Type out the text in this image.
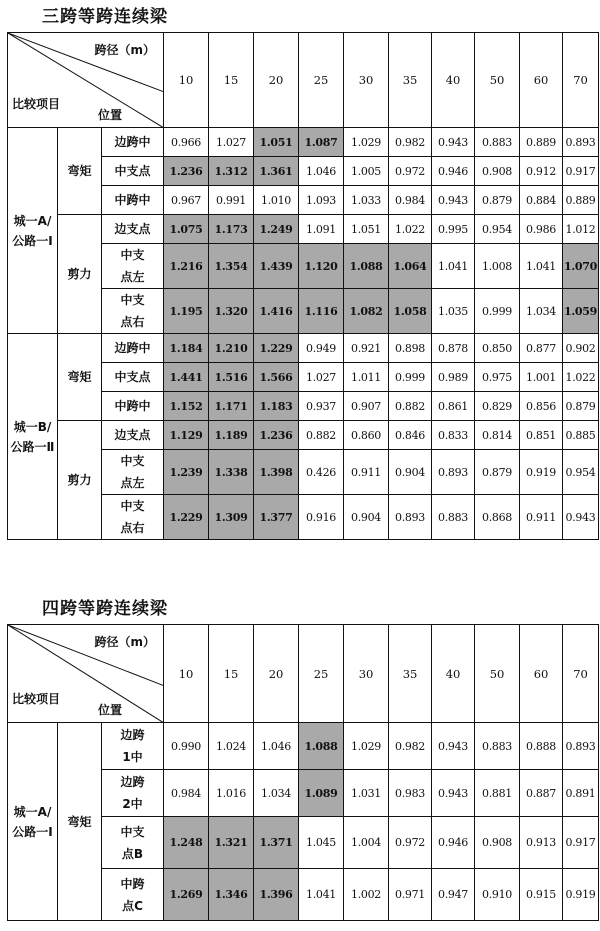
三跨等跨连续梁
跨径（m）
位置
比较项目			10	15	20	25	30	35	40	50	60	70
城一A/
公路一Ⅰ	弯矩	边跨中	0.966	1.027	1.051	1.087	1.029	0.982	0.943	0.883	0.889	0.893
		中支点	1.236	1.312	1.361	1.046	1.005	0.972	0.946	0.908	0.912	0.917
		中跨中	0.967	0.991	1.010	1.093	1.033	0.984	0.943	0.879	0.884	0.889
	剪力	边支点	1.075	1.173	1.249	1.091	1.051	1.022	0.995	0.954	0.986	1.012
		中支
点左	1.216	1.354	1.439	1.120	1.088	1.064	1.041	1.008	1.041	1.070
		中支
点右	1.195	1.320	1.416	1.116	1.082	1.058	1.035	0.999	1.034	1.059
城一B/
公路一Ⅱ	弯矩	边跨中	1.184	1.210	1.229	0.949	0.921	0.898	0.878	0.850	0.877	0.902
		中支点	1.441	1.516	1.566	1.027	1.011	0.999	0.989	0.975	1.001	1.022
		中跨中	1.152	1.171	1.183	0.937	0.907	0.882	0.861	0.829	0.856	0.879
	剪力	边支点	1.129	1.189	1.236	0.882	0.860	0.846	0.833	0.814	0.851	0.885
		中支
点左	1.239	1.338	1.398	0.426	0.911	0.904	0.893	0.879	0.919	0.954
		中支
点右	1.229	1.309	1.377	0.916	0.904	0.893	0.883	0.868	0.911	0.943
四跨等跨连续梁
跨径（m）
位置
比较项目			10	15	20	25	30	35	40	50	60	70
城一A/
公路一Ⅰ	弯矩	边跨
1中	0.990	1.024	1.046	1.088	1.029	0.982	0.943	0.883	0.888	0.893
		边跨
2中	0.984	1.016	1.034	1.089	1.031	0.983	0.943	0.881	0.887	0.891
		中支
点B	1.248	1.321	1.371	1.045	1.004	0.972	0.946	0.908	0.913	0.917
		中跨
点C	1.269	1.346	1.396	1.041	1.002	0.971	0.947	0.910	0.915	0.919
